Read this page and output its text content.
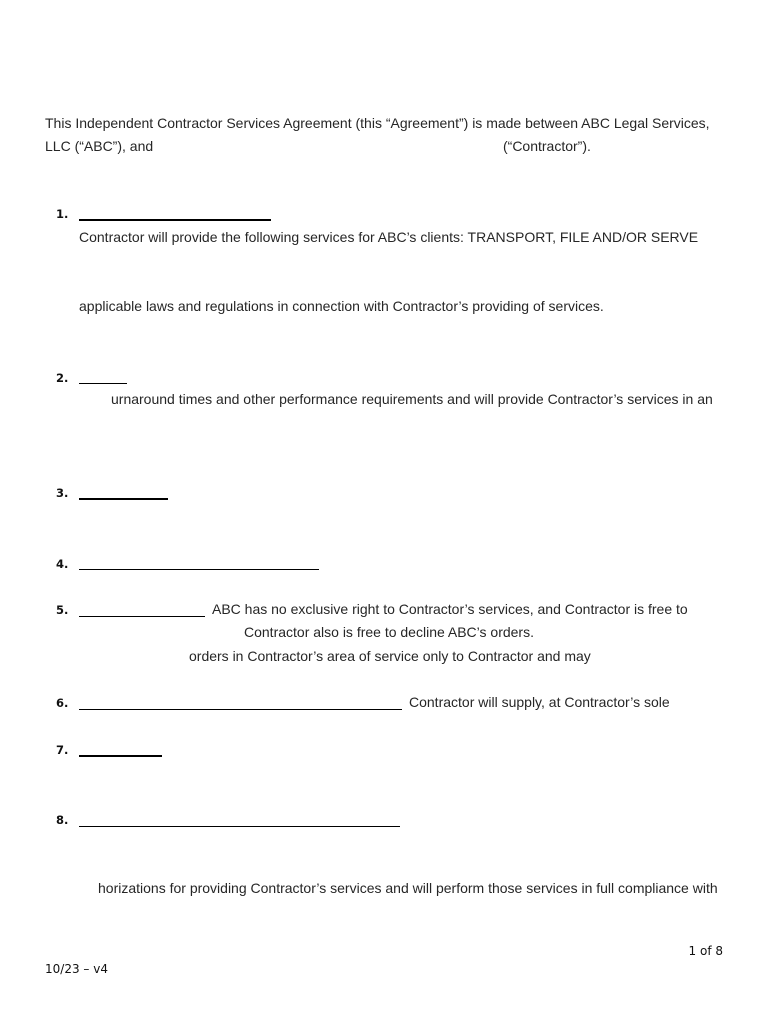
This Independent Contractor Services Agreement (this “Agreement”) is made between ABC Legal Services,
LLC (“ABC”), and	(“Contractor”).
1.
Contractor will provide the following services for ABC’s clients: TRANSPORT, FILE AND/OR SERVE
applicable laws and regulations in connection with Contractor’s providing of services.
2.
urnaround times and other performance requirements and will provide Contractor’s services in an
3.
4.
5.	ABC has no exclusive right to Contractor’s services, and Contractor is free to
Contractor also is free to decline ABC’s orders.
orders in Contractor’s area of service only to Contractor and may
6.	Contractor will supply, at Contractor’s sole
7.
8.
horizations for providing Contractor’s services and will perform those services in full compliance with
1 of 8
10/23 – v4
